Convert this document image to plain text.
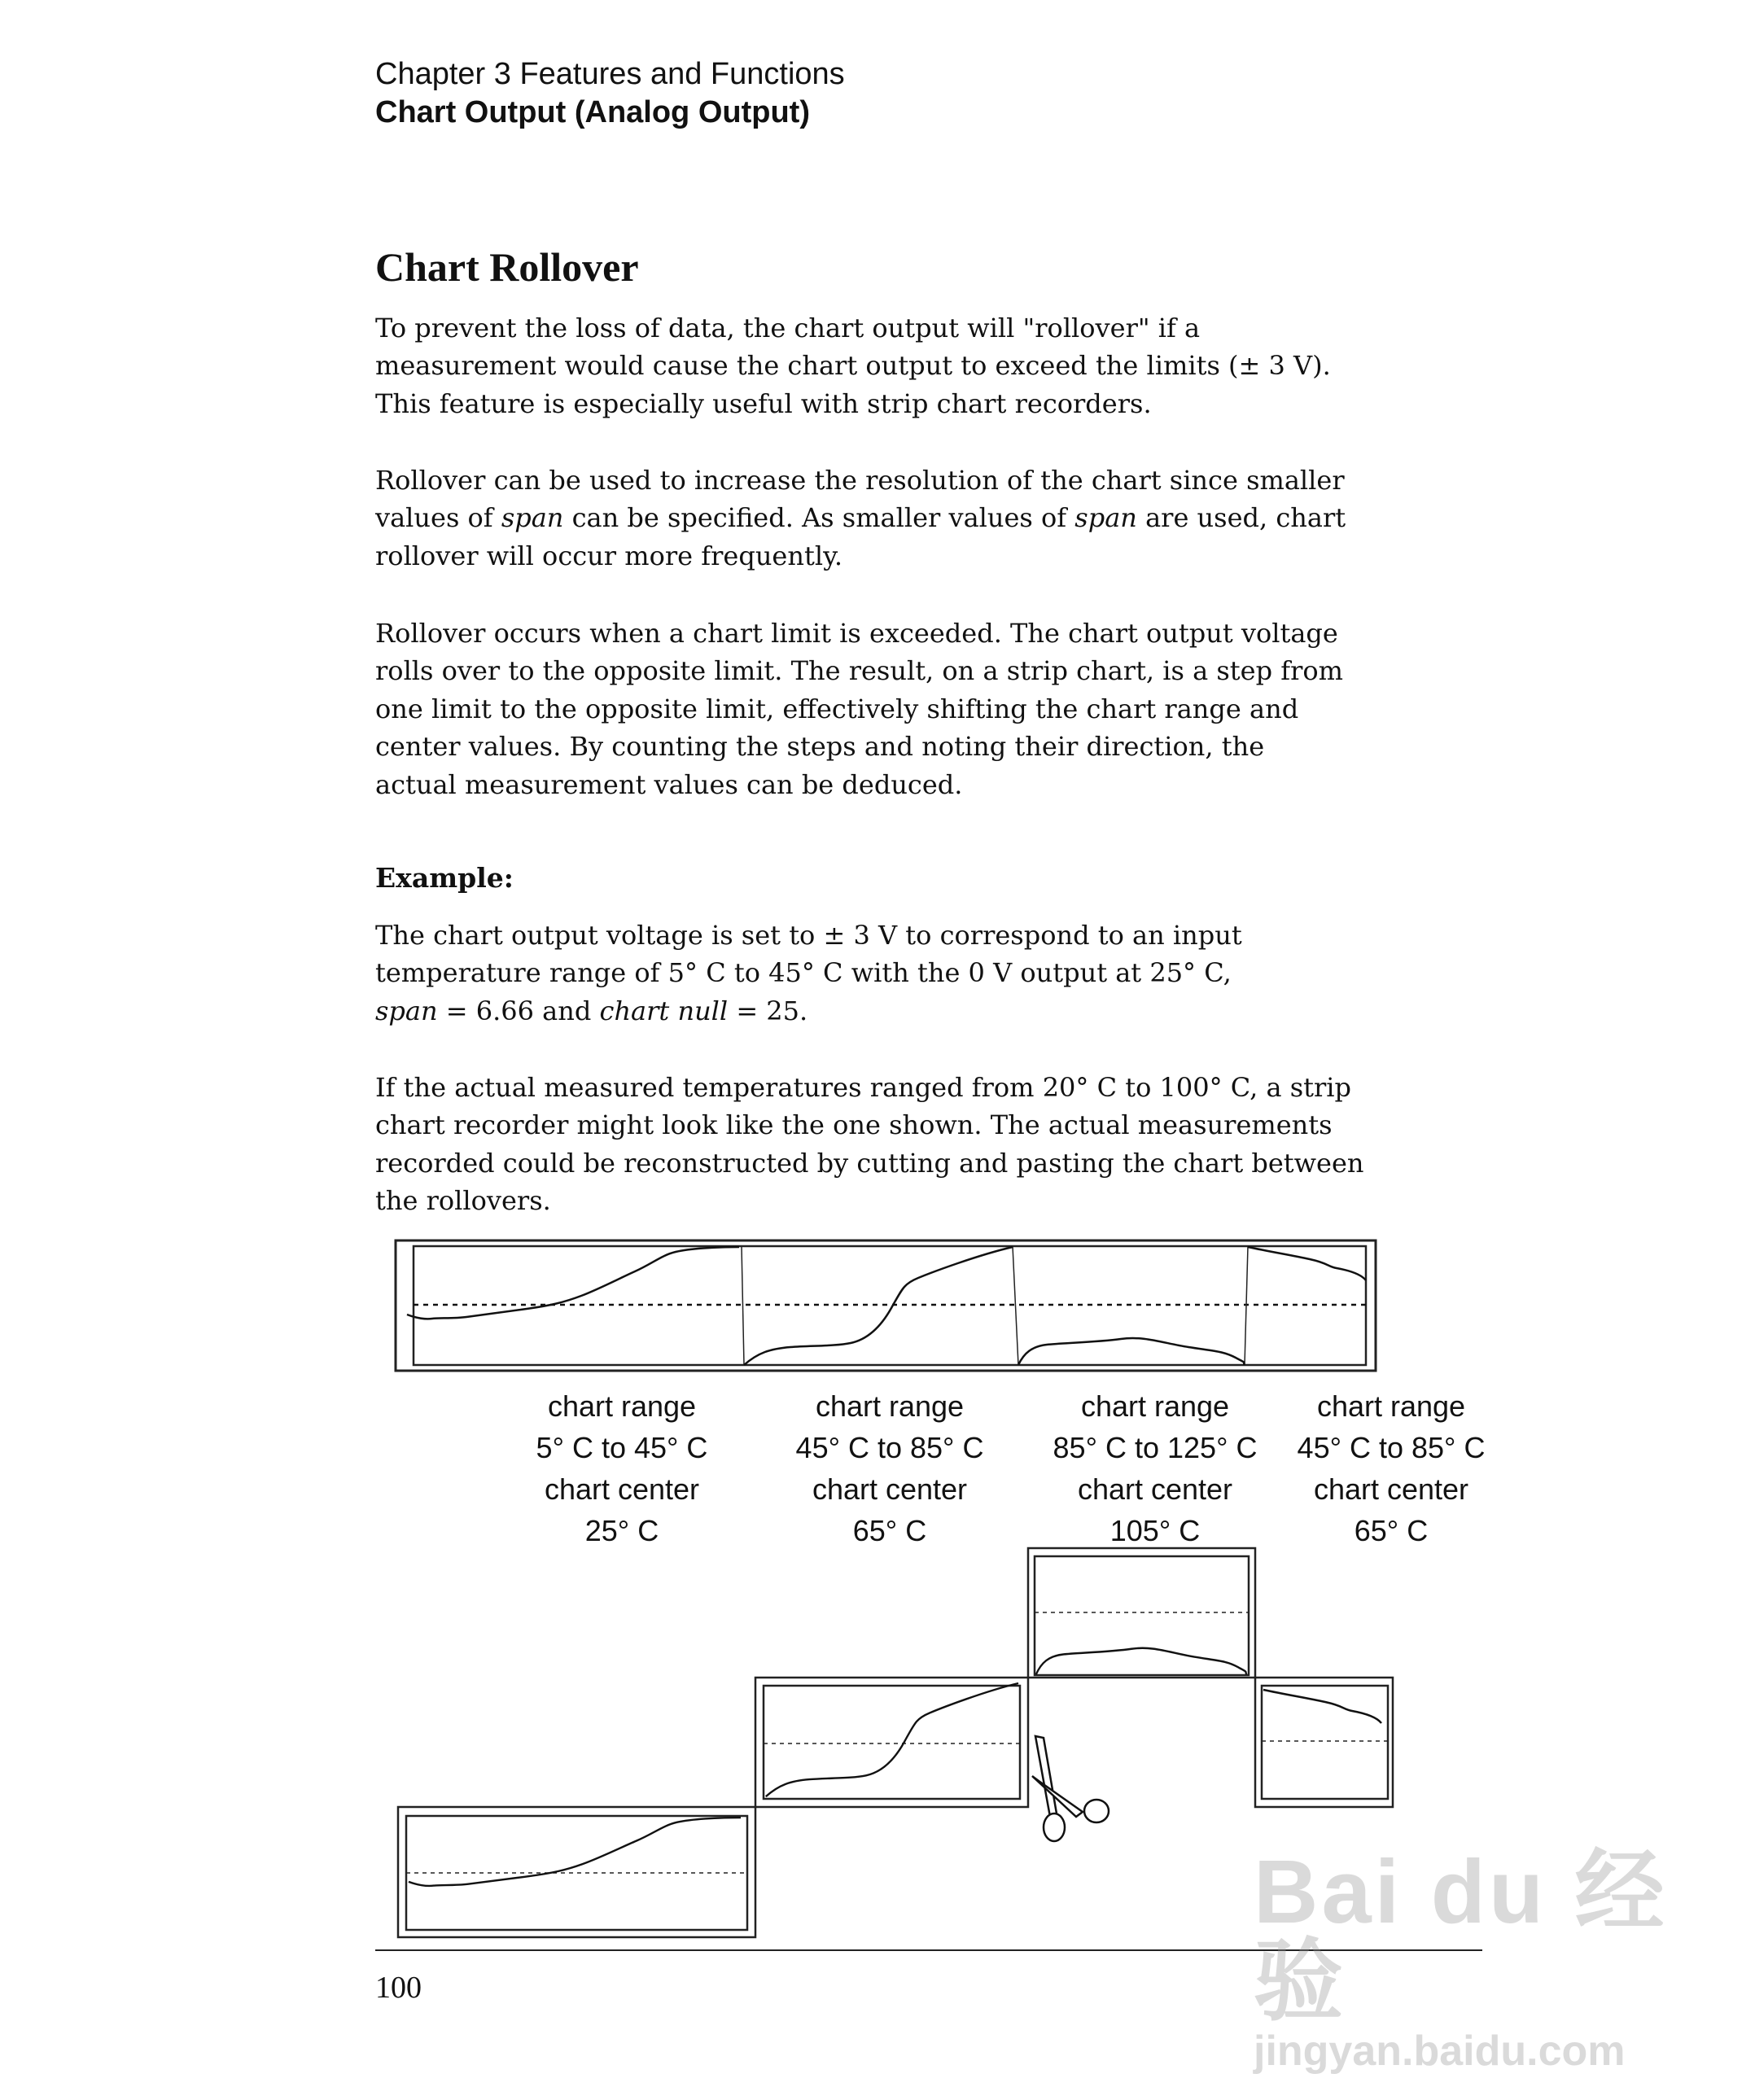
Chapter 3 Features and Functions
Chart Output (Analog Output)
Chart Rollover
To prevent the loss of data, the chart output will "rollover" if a
measurement would cause the chart output to exceed the limits (± 3 V).
This feature is especially useful with strip chart recorders.
Rollover can be used to increase the resolution of the chart since smaller
values of span can be specified. As smaller values of span are used, chart
rollover will occur more frequently.
Rollover occurs when a chart limit is exceeded. The chart output voltage
rolls over to the opposite limit. The result, on a strip chart, is a step from
one limit to the opposite limit, effectively shifting the chart range and
center values. By counting the steps and noting their direction, the
actual measurement values can be deduced.
Example:
The chart output voltage is set to ± 3 V to correspond to an input
temperature range of 5° C to 45° C with the 0 V output at 25° C,
span = 6.66 and chart null = 25.
If the actual measured temperatures ranged from 20° C to 100° C, a strip
chart recorder might look like the one shown. The actual measurements
recorded could be reconstructed by cutting and pasting the chart between
the rollovers.
chart range
5° C to 45° C
chart center
25° C
chart range
45° C to 85° C
chart center
65° C
chart range
85° C to 125° C
chart center
105° C
chart range
45° C to 85° C
chart center
65° C
100
Bai du 经验
jingyan.baidu.com
